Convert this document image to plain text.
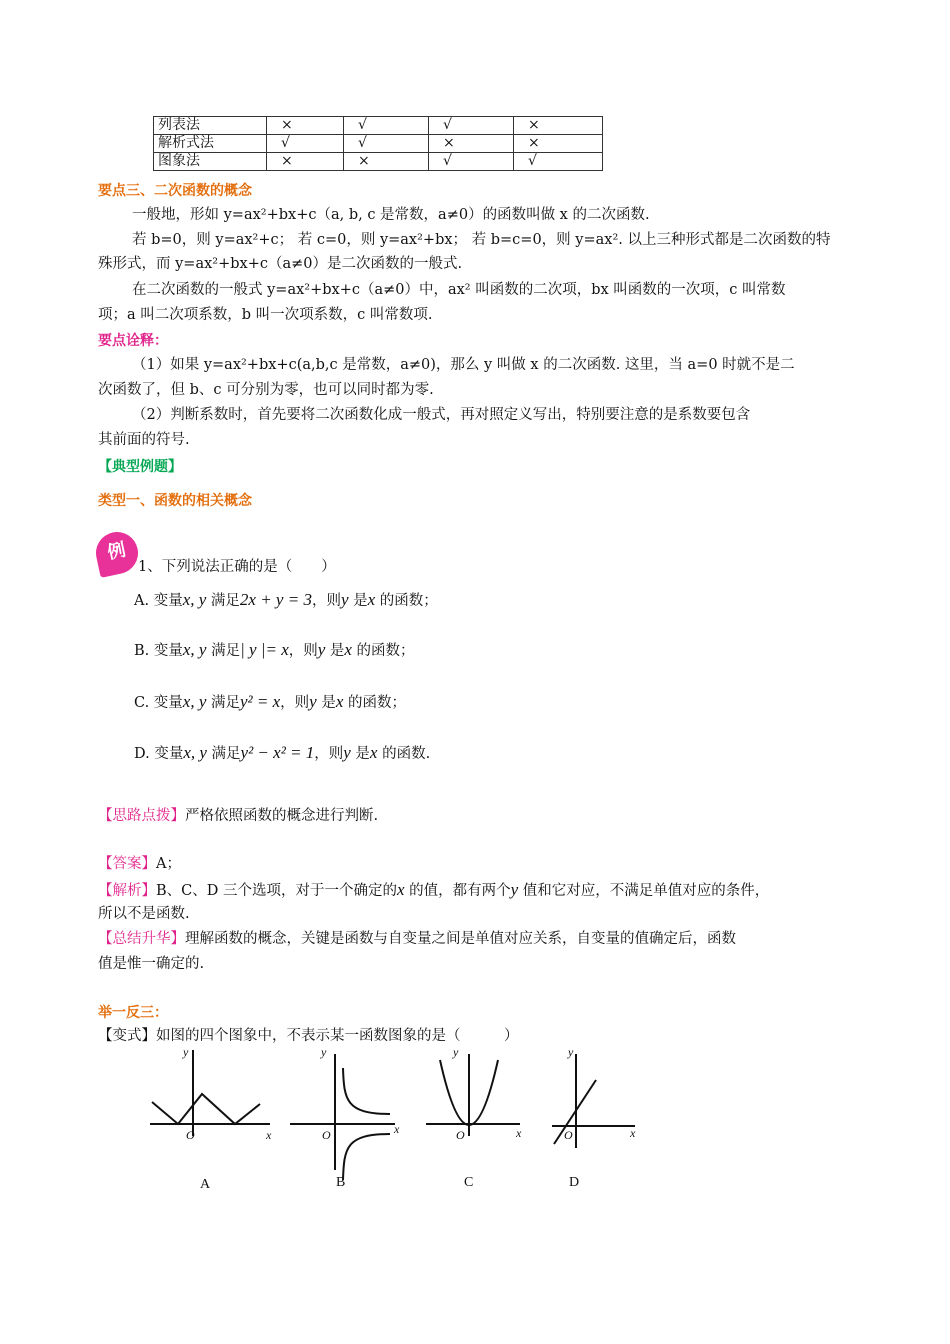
列表法	×	√	√	×
解析式法	√	√	×	×
图象法	×	×	√	√
要点三、二次函数的概念
一般地，形如 y=ax²+bx+c（a, b, c 是常数，a≠0）的函数叫做 x 的二次函数.
若 b=0，则 y=ax²+c； 若 c=0，则 y=ax²+bx； 若 b=c=0，则 y=ax². 以上三种形式都是二次函数的特
殊形式，而 y=ax²+bx+c（a≠0）是二次函数的一般式.
在二次函数的一般式 y=ax²+bx+c（a≠0）中，ax² 叫函数的二次项，bx 叫函数的一次项，c 叫常数
项；a 叫二次项系数，b 叫一次项系数，c 叫常数项.
要点诠释：
（1）如果 y=ax²+bx+c(a,b,c 是常数，a≠0)，那么 y 叫做 x 的二次函数. 这里，当 a=0 时就不是二
次函数了，但 b、c 可分别为零，也可以同时都为零.
（2）判断系数时，首先要将二次函数化成一般式，再对照定义写出，特别要注意的是系数要包含
其前面的符号.
【典型例题】
类型一、函数的相关概念
例
1、下列说法正确的是（　　）
A. 变量x, y 满足2x + y = 3，则y 是x 的函数；
B. 变量x, y 满足| y |= x，则y 是x 的函数；
C. 变量x, y 满足y² = x，则y 是x 的函数；
D. 变量x, y 满足y² − x² = 1，则y 是x 的函数.
【思路点拨】严格依照函数的概念进行判断.
【答案】A；
【解析】B、C、D 三个选项，对于一个确定的x 的值，都有两个y 值和它对应，不满足单值对应的条件，
所以不是函数.
【总结升华】理解函数的概念，关键是函数与自变量之间是单值对应关系，自变量的值确定后，函数
值是惟一确定的.
举一反三：
【变式】如图的四个图象中，不表示某一函数图象的是（　　　）
y
O	x
y
O	x
y
O	x
y
O	x
A	B	C	D
